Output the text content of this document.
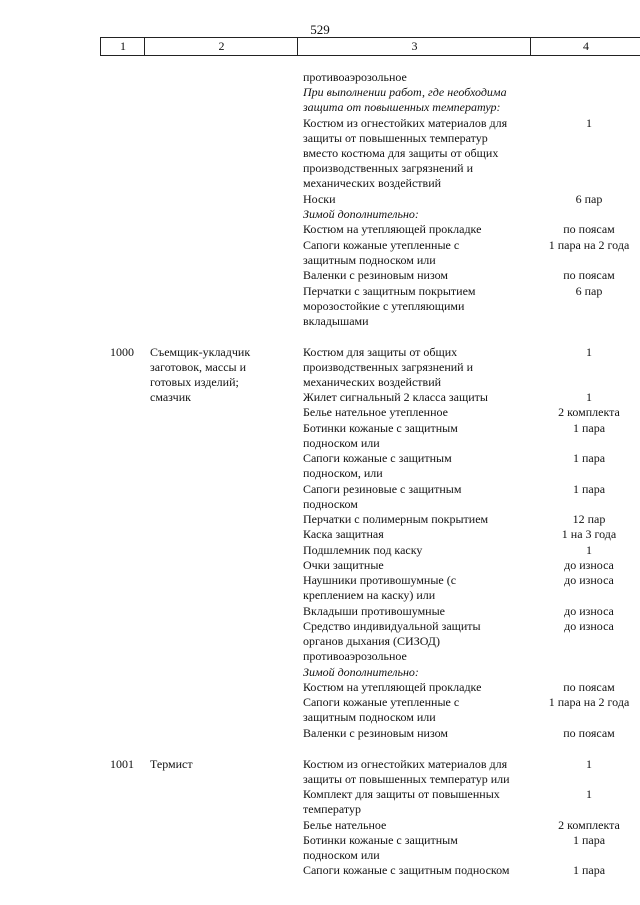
529
1	2	3	4
противоаэрозольное
При выполнении работ, где необходима
защита от повышенных температур:
Костюм из огнестойких материалов для	1
защиты от повышенных температур
вместо костюма для защиты от общих
производственных загрязнений и
механических воздействий
Носки	6 пар
Зимой дополнительно:
Костюм на утепляющей прокладке	по поясам
Сапоги кожаные утепленные с	1 пара на 2 года
защитным подноском или
Валенки с резиновым низом	по поясам
Перчатки с защитным покрытием	6 пар
морозостойкие с утепляющими
вкладышами
1000 Съемщик-укладчик	Костюм для защиты от общих	1
заготовок, массы и	производственных загрязнений и
готовых изделий;	механических воздействий
смазчик	Жилет сигнальный 2 класса защиты	1
Белье нательное утепленное	2 комплекта
Ботинки кожаные с защитным	1 пара
подноском или
Сапоги кожаные с защитным	1 пара
подноском, или
Сапоги резиновые с защитным	1 пара
подноском
Перчатки с полимерным покрытием	12 пар
Каска защитная	1 на 3 года
Подшлемник под каску	1
Очки защитные	до износа
Наушники противошумные (с	до износа
креплением на каску) или
Вкладыши противошумные	до износа
Средство индивидуальной защиты	до износа
органов дыхания (СИЗОД)
противоаэрозольное
Зимой дополнительно:
Костюм на утепляющей прокладке	по поясам
Сапоги кожаные утепленные с	1 пара на 2 года
защитным подноском или
Валенки с резиновым низом	по поясам
1001 Термист	Костюм из огнестойких материалов для	1
защиты от повышенных температур или
Комплект для защиты от повышенных	1
температур
Белье нательное	2 комплекта
Ботинки кожаные с защитным	1 пара
подноском или
Сапоги кожаные с защитным подноском	1 пара
